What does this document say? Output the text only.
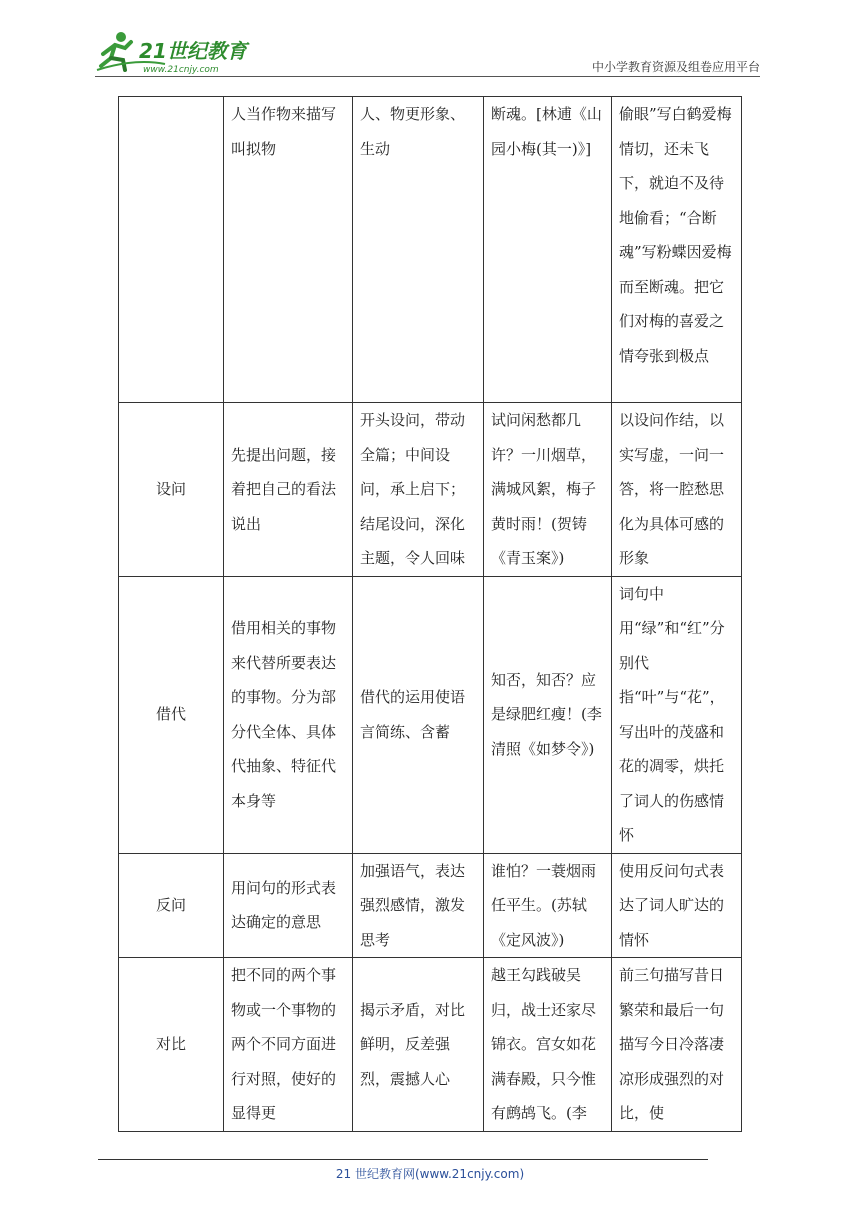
21世纪教育
www.21cnjy.com	中小学教育资源及组卷应用平台
	人当作物来描写叫拟物	人、物更形象、生动	断魂。[林逋《山园小梅(其一)》]	偷眼”写白鹤爱梅情切，还未飞下，就迫不及待地偷看；“合断魂”写粉蝶因爱梅而至断魂。把它们对梅的喜爱之情夸张到极点
设问	先提出问题，接着把自己的看法说出	开头设问，带动全篇；中间设问，承上启下；结尾设问，深化主题，令人回味	试问闲愁都几许？一川烟草，满城风絮，梅子黄时雨！(贺铸《青玉案》)	以设问作结，以实写虚，一问一答，将一腔愁思化为具体可感的形象
借代	借用相关的事物来代替所要表达的事物。分为部分代全体、具体代抽象、特征代本身等	借代的运用使语言简练、含蓄	知否，知否？应是绿肥红瘦！(李清照《如梦令》)	词句中用“绿”和“红”分别代指“叶”与“花”，写出叶的茂盛和花的凋零，烘托了词人的伤感情怀
反问	用问句的形式表达确定的意思	加强语气，表达强烈感情，激发思考	谁怕？一蓑烟雨任平生。(苏轼《定风波》)	使用反问句式表达了词人旷达的情怀
对比	把不同的两个事物或一个事物的两个不同方面进行对照，使好的显得更	揭示矛盾，对比鲜明，反差强烈，震撼人心	越王勾践破吴归，战士还家尽锦衣。宫女如花满春殿，只今惟有鹧鸪飞。(李	前三句描写昔日繁荣和最后一句描写今日冷落凄凉形成强烈的对比，使
21 世纪教育网(www.21cnjy.com)
